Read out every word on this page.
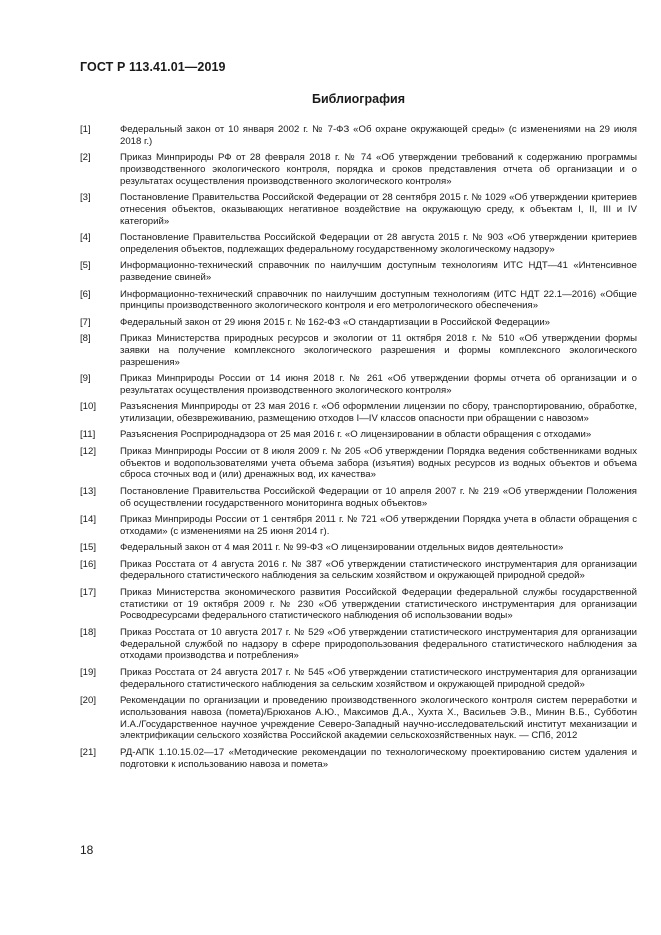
ГОСТ Р 113.41.01—2019
Библиография
[1]	Федеральный закон от 10 января 2002 г. № 7-ФЗ «Об охране окружающей среды» (с изменениями на 29 июля 2018 г.)
[2]	Приказ Минприроды РФ от 28 февраля 2018 г. № 74 «Об утверждении требований к содержанию программы производственного экологического контроля, порядка и сроков представления отчета об организации и о результатах осуществления производственного экологического контроля»
[3]	Постановление Правительства Российской Федерации от 28 сентября 2015 г. № 1029 «Об утверждении критериев отнесения объектов, оказывающих негативное воздействие на окружающую среду, к объектам I, II, III и IV категорий»
[4]	Постановление Правительства Российской Федерации от 28 августа 2015 г. № 903 «Об утверждении критериев определения объектов, подлежащих федеральному государственному экологическому надзору»
[5]	Информационно-технический справочник по наилучшим доступным технологиям ИТС НДТ—41 «Интенсивное разведение свиней»
[6]	Информационно-технический справочник по наилучшим доступным технологиям (ИТС НДТ 22.1—2016) «Общие принципы производственного экологического контроля и его метрологического обеспечения»
[7]	Федеральный закон от 29 июня 2015 г. № 162-ФЗ «О стандартизации в Российской Федерации»
[8]	Приказ Министерства природных ресурсов и экологии от 11 октября 2018 г. № 510 «Об утверждении формы заявки на получение комплексного экологического разрешения и формы комплексного экологического разрешения»
[9]	Приказ Минприроды России от 14 июня 2018 г. № 261 «Об утверждении формы отчета об организации и о результатах осуществления производственного экологического контроля»
[10]	Разъяснения Минприроды от 23 мая 2016 г. «Об оформлении лицензии по сбору, транспортированию, обработке, утилизации, обезвреживанию, размещению отходов I—IV классов опасности при обращении с навозом»
[11]	Разъяснения Росприроднадзора от 25 мая 2016 г. «О лицензировании в области обращения с отходами»
[12]	Приказ Минприроды России от 8 июля 2009 г. № 205 «Об утверждении Порядка ведения собственниками водных объектов и водопользователями учета объема забора (изъятия) водных ресурсов из водных объектов и объема сброса сточных вод и (или) дренажных вод, их качества»
[13]	Постановление Правительства Российской Федерации от 10 апреля 2007 г. № 219 «Об утверждении Положения об осуществлении государственного мониторинга водных объектов»
[14]	Приказ Минприроды России от 1 сентября 2011 г. № 721 «Об утверждении Порядка учета в области обращения с отходами» (с изменениями на 25 июня 2014 г).
[15]	Федеральный закон от 4 мая 2011 г. № 99-ФЗ «О лицензировании отдельных видов деятельности»
[16]	Приказ Росстата от 4 августа 2016 г. № 387 «Об утверждении статистического инструментария для организации федерального статистического наблюдения за сельским хозяйством и окружающей природной средой»
[17]	Приказ Министерства экономического развития Российской Федерации федеральной службы государственной статистики от 19 октября 2009 г. № 230 «Об утверждении статистического инструментария для организации Росводресурсами федерального статистического наблюдения об использовании воды»
[18]	Приказ Росстата от 10 августа 2017 г. № 529 «Об утверждении статистического инструментария для организации Федеральной службой по надзору в сфере природопользования федерального статистического наблюдения за отходами производства и потребления»
[19]	Приказ Росстата от 24 августа 2017 г. № 545 «Об утверждении статистического инструментария для организации федерального статистического наблюдения за сельским хозяйством и окружающей природной средой»
[20]	Рекомендации по организации и проведению производственного экологического контроля систем переработки и использования навоза (помета)/Брюханов А.Ю., Максимов Д.А., Хухта Х., Васильев Э.В., Минин В.Б., Субботин И.А./Государственное научное учреждение Северо-Западный научно-исследовательский институт механизации и электрификации сельского хозяйства Российской академии сельскохозяйственных наук. — СПб, 2012
[21]	РД-АПК 1.10.15.02—17 «Методические рекомендации по технологическому проектированию систем удаления и подготовки к использованию навоза и помета»
18
